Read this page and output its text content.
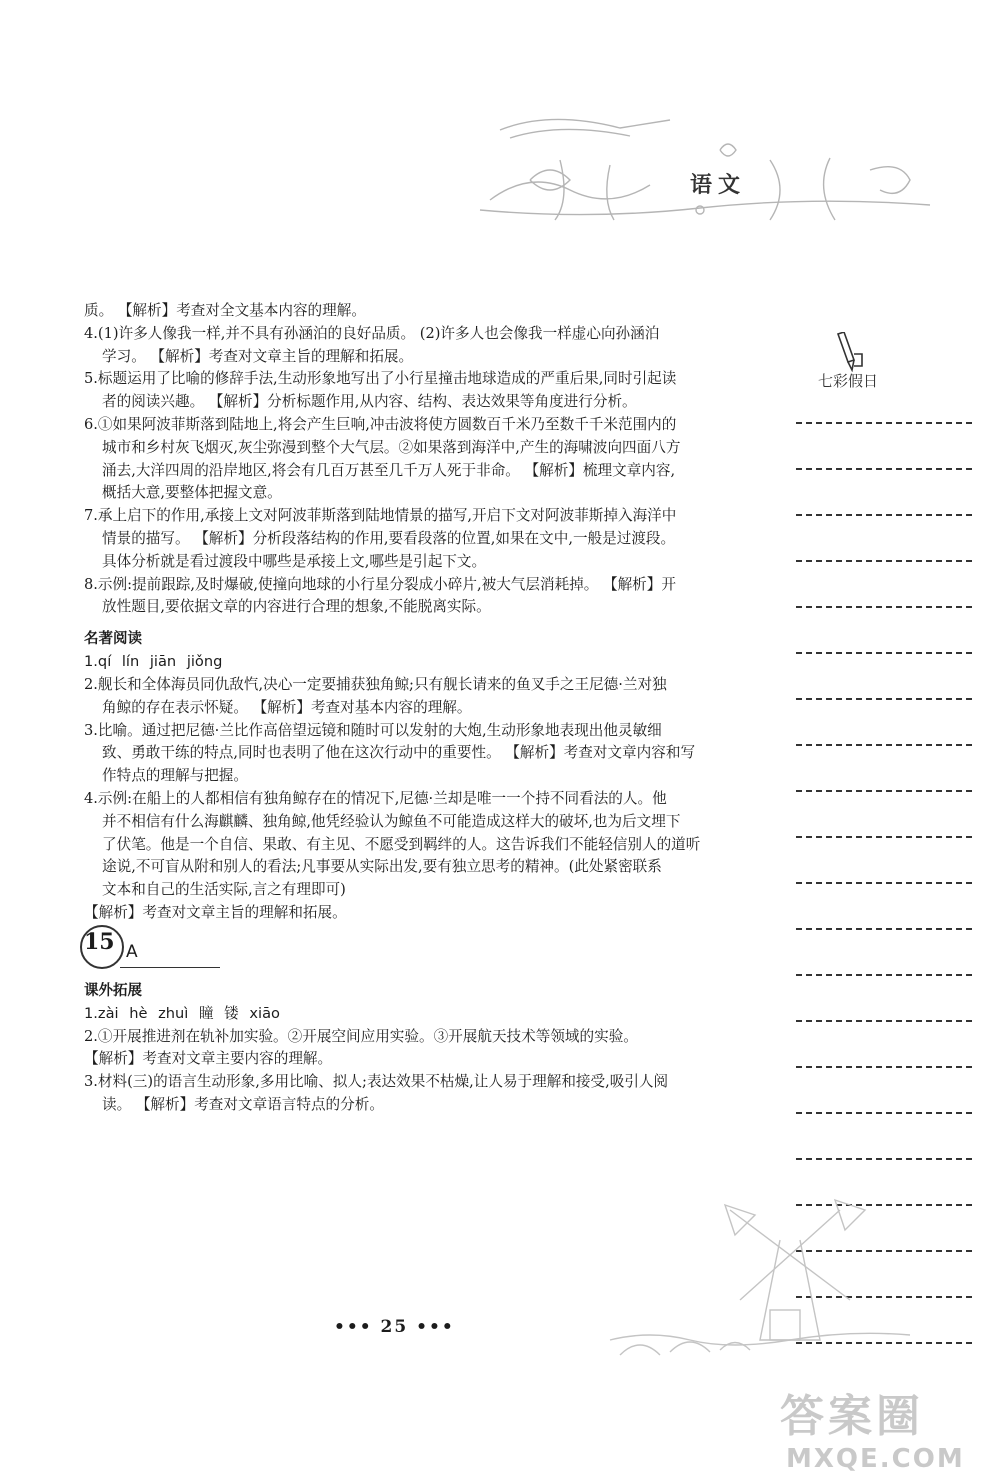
语文
质。 【解析】考查对全文基本内容的理解。
4.(1)许多人像我一样,并不具有孙涵泊的良好品质。 (2)许多人也会像我一样虚心向孙涵泊
学习。 【解析】考查对文章主旨的理解和拓展。
5.标题运用了比喻的修辞手法,生动形象地写出了小行星撞击地球造成的严重后果,同时引起读
者的阅读兴趣。 【解析】分析标题作用,从内容、结构、表达效果等角度进行分析。
6.①如果阿波菲斯落到陆地上,将会产生巨响,冲击波将使方圆数百千米乃至数千千米范围内的
城市和乡村灰飞烟灭,灰尘弥漫到整个大气层。②如果落到海洋中,产生的海啸波向四面八方
涌去,大洋四周的沿岸地区,将会有几百万甚至几千万人死于非命。 【解析】梳理文章内容,
概括大意,要整体把握文意。
7.承上启下的作用,承接上文对阿波菲斯落到陆地情景的描写,开启下文对阿波菲斯掉入海洋中
情景的描写。 【解析】分析段落结构的作用,要看段落的位置,如果在文中,一般是过渡段。
具体分析就是看过渡段中哪些是承接上文,哪些是引起下文。
8.示例:提前跟踪,及时爆破,使撞向地球的小行星分裂成小碎片,被大气层消耗掉。 【解析】开
放性题目,要依据文章的内容进行合理的想象,不能脱离实际。
名著阅读
1.qí lín jiān jiǒng
2.舰长和全体海员同仇敌忾,决心一定要捕获独角鲸;只有舰长请来的鱼叉手之王尼德·兰对独
角鲸的存在表示怀疑。 【解析】考查对基本内容的理解。
3.比喻。通过把尼德·兰比作高倍望远镜和随时可以发射的大炮,生动形象地表现出他灵敏细
致、勇敢干练的特点,同时也表明了他在这次行动中的重要性。 【解析】考查对文章内容和写
作特点的理解与把握。
4.示例:在船上的人都相信有独角鲸存在的情况下,尼德·兰却是唯一一个持不同看法的人。他
并不相信有什么海麒麟、独角鲸,他凭经验认为鲸鱼不可能造成这样大的破坏,也为后文埋下
了伏笔。他是一个自信、果敢、有主见、不愿受到羁绊的人。这告诉我们不能轻信别人的道听
途说,不可盲从附和别人的看法;凡事要从实际出发,要有独立思考的精神。(此处紧密联系
文本和自己的生活实际,言之有理即可)
【解析】考查对文章主旨的理解和拓展。
15 A
课外拓展
1.zài hè zhuì 瞳 镂 xiāo
2.①开展推进剂在轨补加实验。②开展空间应用实验。③开展航天技术等领域的实验。
【解析】考查对文章主要内容的理解。
3.材料(三)的语言生动形象,多用比喻、拟人;表达效果不枯燥,让人易于理解和接受,吸引人阅
读。 【解析】考查对文章语言特点的分析。
七彩假日
••• 25 •••
答案圈
MXQE.COM
